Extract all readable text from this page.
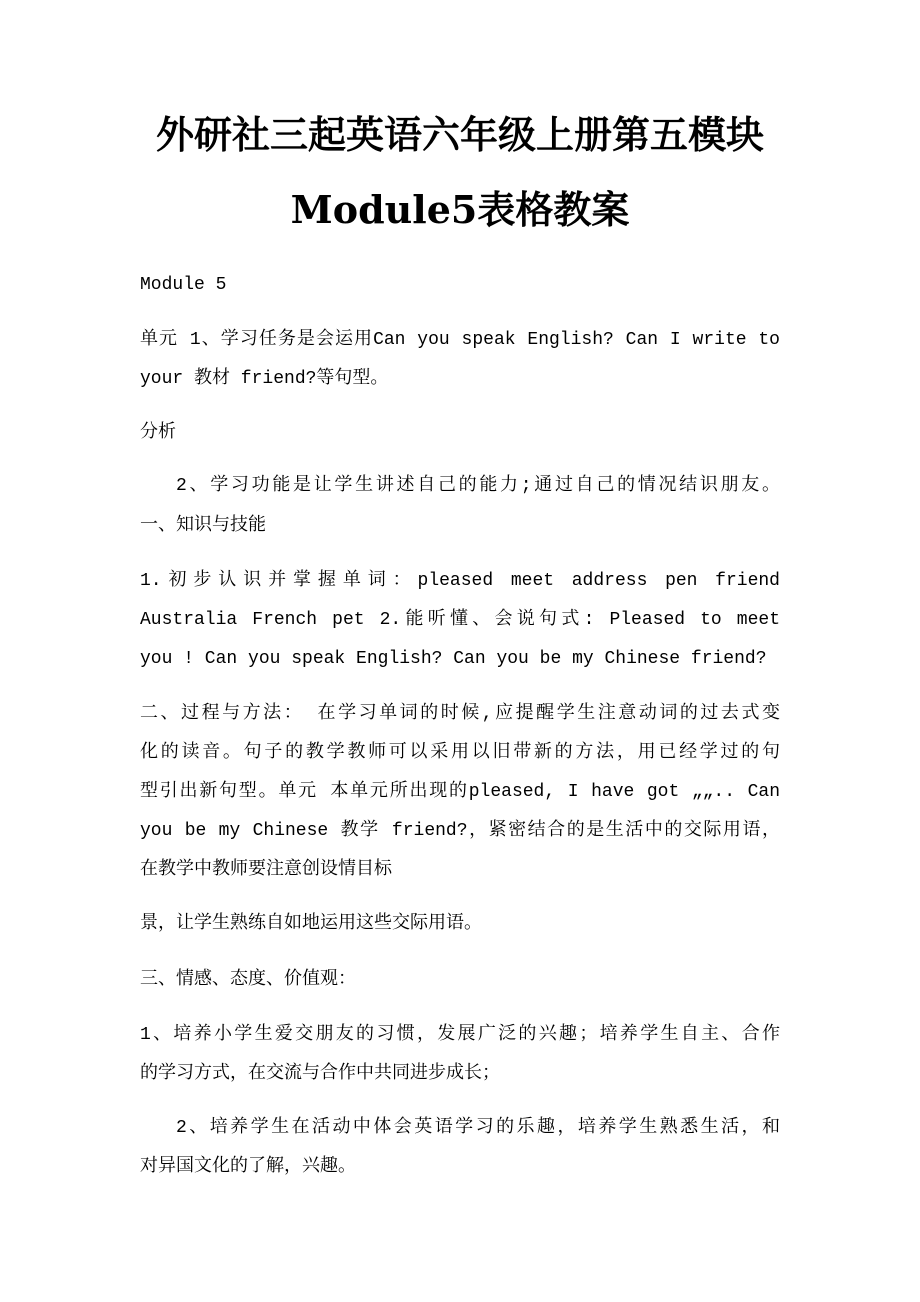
外研社三起英语六年级上册第五模块
Module5表格教案
Module 5
单元 1、学习任务是会运用Can you speak English? Can I write to
your 教材 friend?等句型。
分析
2、学习功能是让学生讲述自己的能力;通过自己的情况结识朋友。
一、知识与技能
1.初步认识并掌握单词：pleased meet address pen friend
Australia French pet 2.能听懂、会说句式: Pleased to meet
you ! Can you speak English? Can you be my Chinese friend?
二、过程与方法： 在学习单词的时候,应提醒学生注意动词的过去式变
化的读音。句子的教学教师可以采用以旧带新的方法，用已经学过的句
型引出新句型。单元 本单元所出现的pleased, I have got „„.. Can
you be my Chinese 教学 friend?，紧密结合的是生活中的交际用语，
在教学中教师要注意创设情目标
景，让学生熟练自如地运用这些交际用语。
三、情感、态度、价值观：
1、培养小学生爱交朋友的习惯，发展广泛的兴趣；培养学生自主、合作
的学习方式，在交流与合作中共同进步成长；
2、培养学生在活动中体会英语学习的乐趣，培养学生熟悉生活，和
对异国文化的了解，兴趣。
